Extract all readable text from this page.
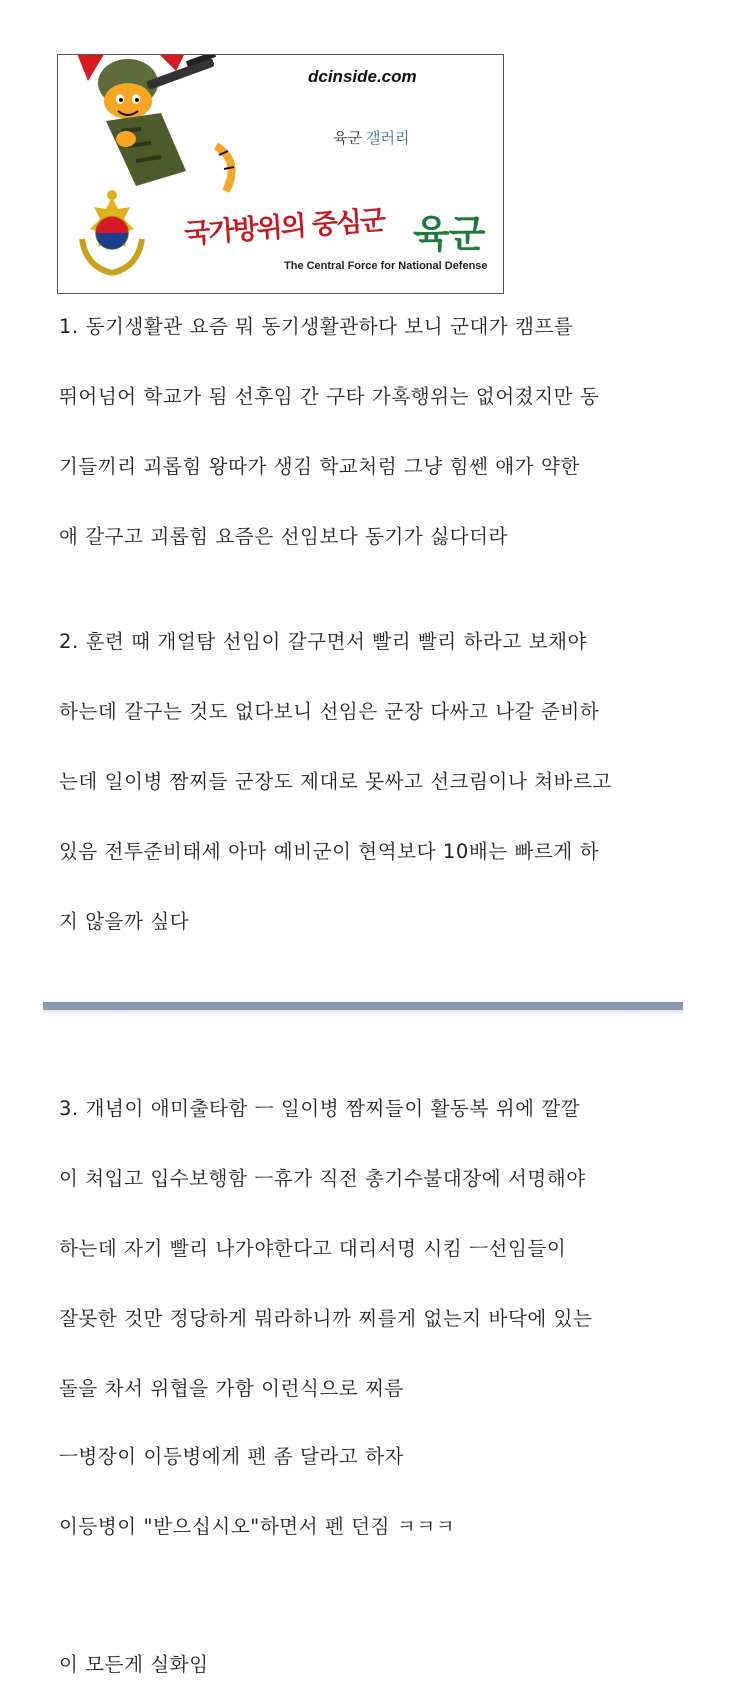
dcinside.com
육군 갤러리
국가방위의 중심군 육군
The Central Force for National Defense
1. 동기생활관 요즘 뭐 동기생활관하다 보니 군대가 캠프를
뛰어넘어 학교가 됨 선후임 간 구타 가혹행위는 없어졌지만 동
기들끼리 괴롭힘 왕따가 생김 학교처럼 그냥 힘쎈 애가 약한
애 갈구고 괴롭힘 요즘은 선임보다 동기가 싫다더라
2. 훈련 때 개얼탐 선임이 갈구면서 빨리 빨리 하라고 보채야
하는데 갈구는 것도 없다보니 선임은 군장 다싸고 나갈 준비하
는데 일이병 짬찌들 군장도 제대로 못싸고 선크림이나 쳐바르고
있음 전투준비태세 아마 예비군이 현역보다 10배는 빠르게 하
지 않을까 싶다
3. 개념이 애미출타함 ㅡ 일이병 짬찌들이 활동복 위에 깔깔
이 쳐입고 입수보행함 ㅡ휴가 직전 총기수불대장에 서명해야
하는데 자기 빨리 나가야한다고 대리서명 시킴 ㅡ선임들이
잘못한 것만 정당하게 뭐라하니까 찌를게 없는지 바닥에 있는
돌을 차서 위협을 가함 이런식으로 찌름
ㅡ병장이 이등병에게 펜 좀 달라고 하자
이등병이 "받으십시오"하면서 펜 던짐 ㅋㅋㅋ
이 모든게 실화임
